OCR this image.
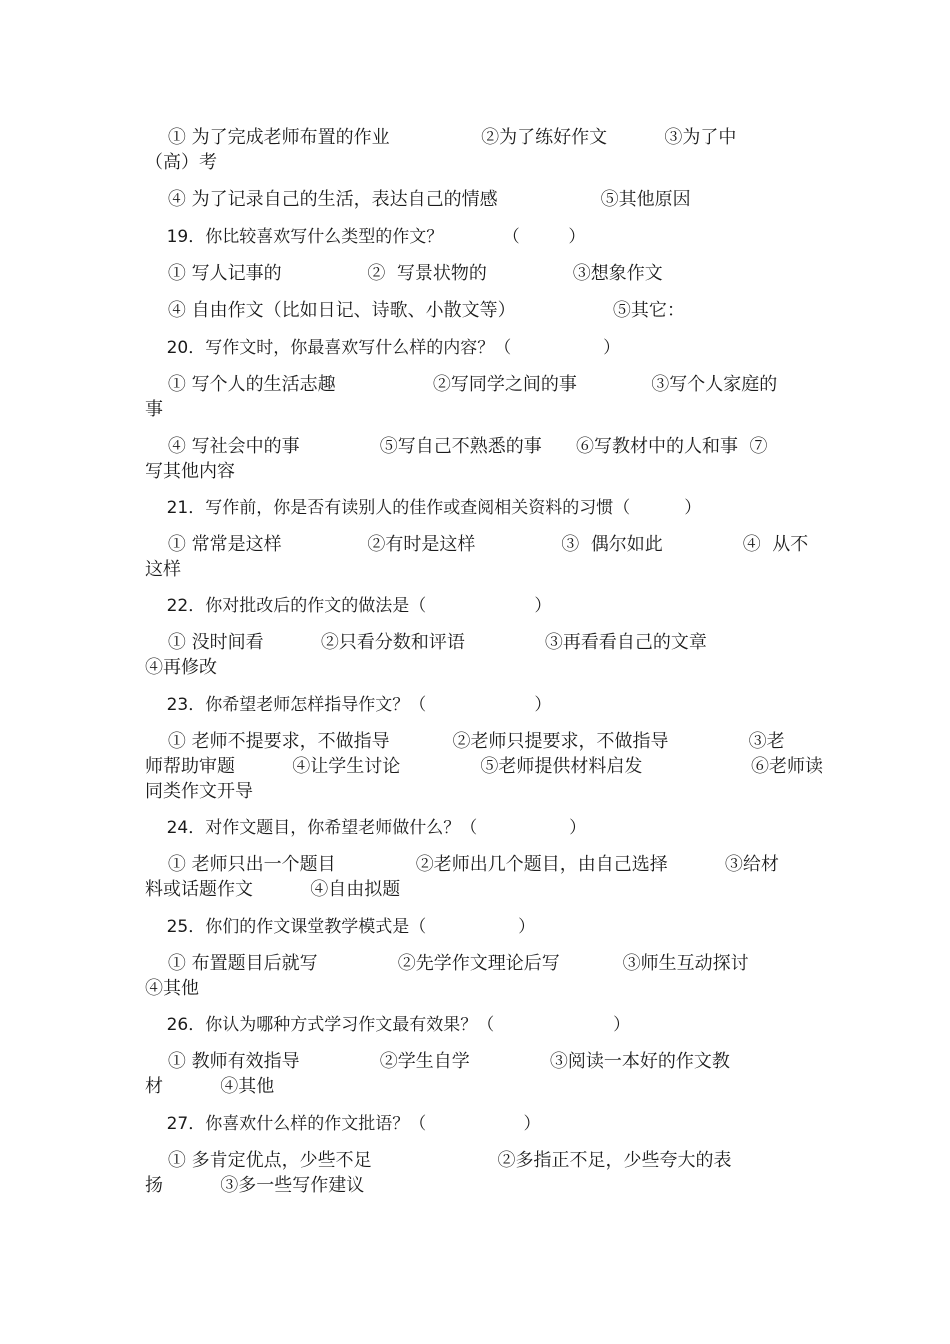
① 为了完成老师布置的作业                ②为了练好作文          ③为了中
（高）考
④ 为了记录自己的生活，表达自己的情感                  ⑤其他原因
19．你比较喜欢写什么类型的作文？           （         ）
① 写人记事的               ②  写景状物的               ③想象作文
④ 自由作文（比如日记、诗歌、小散文等）                 ⑤其它：
20．写作文时，你最喜欢写什么样的内容？（                 ）
① 写个人的生活志趣                 ②写同学之间的事             ③写个人家庭的
事
④ 写社会中的事              ⑤写自己不熟悉的事      ⑥写教材中的人和事  ⑦
写其他内容
21．写作前，你是否有读别人的佳作或查阅相关资料的习惯（          ）
① 常常是这样               ②有时是这样               ③  偶尔如此              ④  从不
这样
22．你对批改后的作文的做法是（                    ）
① 没时间看          ②只看分数和评语              ③再看看自己的文章
④再修改
23．你希望老师怎样指导作文？（                    ）
① 老师不提要求，不做指导           ②老师只提要求，不做指导              ③老
师帮助审题          ④让学生讨论              ⑤老师提供材料启发                   ⑥老师读
同类作文开导
24．对作文题目，你希望老师做什么？（                 ）
① 老师只出一个题目              ②老师出几个题目，由自己选择          ③给材
料或话题作文          ④自由拟题
25．你们的作文课堂教学模式是（                 ）
① 布置题目后就写              ②先学作文理论后写           ③师生互动探讨
④其他
26．你认为哪种方式学习作文最有效果？（                      ）
① 教师有效指导              ②学生自学              ③阅读一本好的作文教
材          ④其他
27．你喜欢什么样的作文批语？（                  ）
① 多肯定优点，少些不足                      ②多指正不足，少些夸大的表
扬          ③多一些写作建议
